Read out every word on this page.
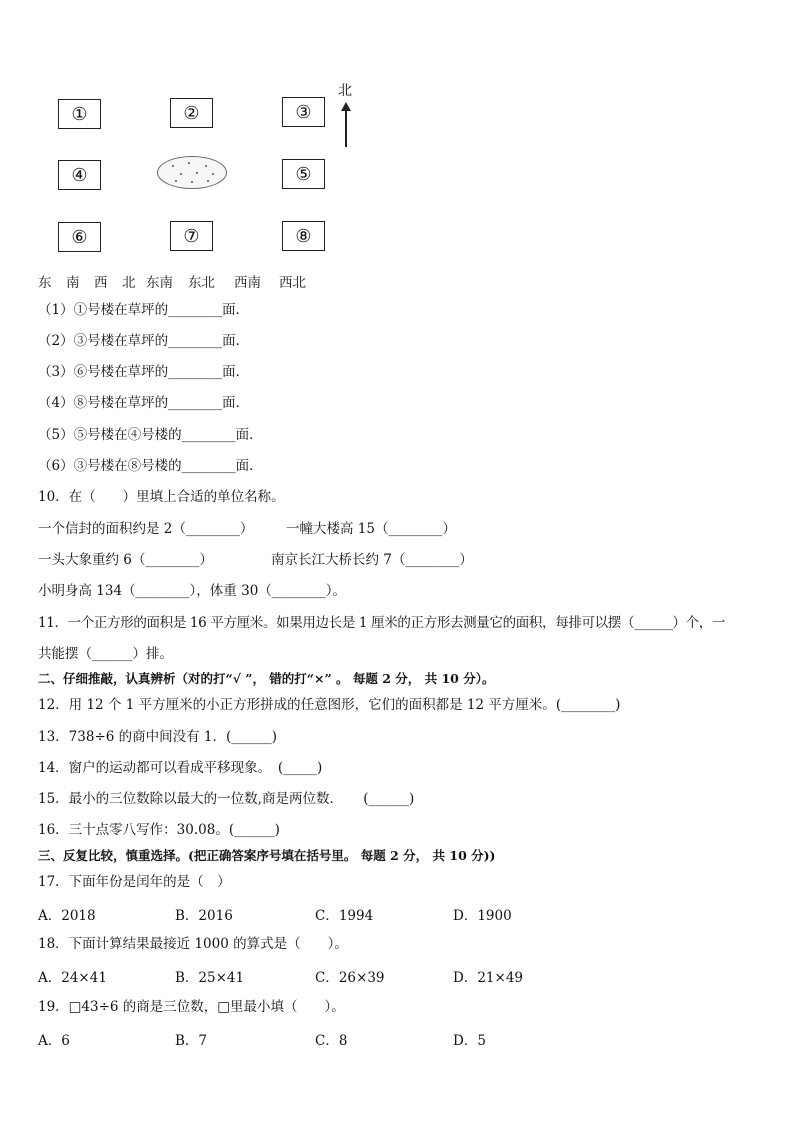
①	②	③
④	⑤
⑥	⑦	⑧
北
东 南 西 北 东南 东北 西南 西北
（1）①号楼在草坪的________面．
（2）③号楼在草坪的________面．
（3）⑥号楼在草坪的________面．
（4）⑧号楼在草坪的________面．
（5）⑤号楼在④号楼的________面．
（6）③号楼在⑧号楼的________面．
10．在（　　）里填上合适的单位名称。
一个信封的面积约是 2（________） 一幢大楼高 15（________）
一头大象重约 6（________）	南京长江大桥长约 7（________）
小明身高 134（________），体重 30（________）。
11．一个正方形的面积是 16 平方厘米。如果用边长是 1 厘米的正方形去测量它的面积，每排可以摆（______）个，一
共能摆（______）排。
二、仔细推敲，认真辨析（对的打“√ ”， 错的打“×” 。 每题 2 分， 共 10 分）。
12．用 12 个 1 平方厘米的小正方形拼成的任意图形，它们的面积都是 12 平方厘米。(________)
13．738÷6 的商中间没有 1．(______)
14．窗户的运动都可以看成平移现象。　(_____)
15．最小的三位数除以最大的一位数,商是两位数．　　(______)
16．三十点零八写作：30.08。(______)
三、反复比较，慎重选择。(把正确答案序号填在括号里。 每题 2 分， 共 10 分))
17．下面年份是闰年的是（　）
A．2018	B．2016	C．1994	D．1900
18．下面计算结果最接近 1000 的算式是（　　）。
A．24×41	B．25×41	C．26×39	D．21×49
19．□43÷6 的商是三位数，□里最小填（　　）。
A．6	B．7	C．8	D．5
